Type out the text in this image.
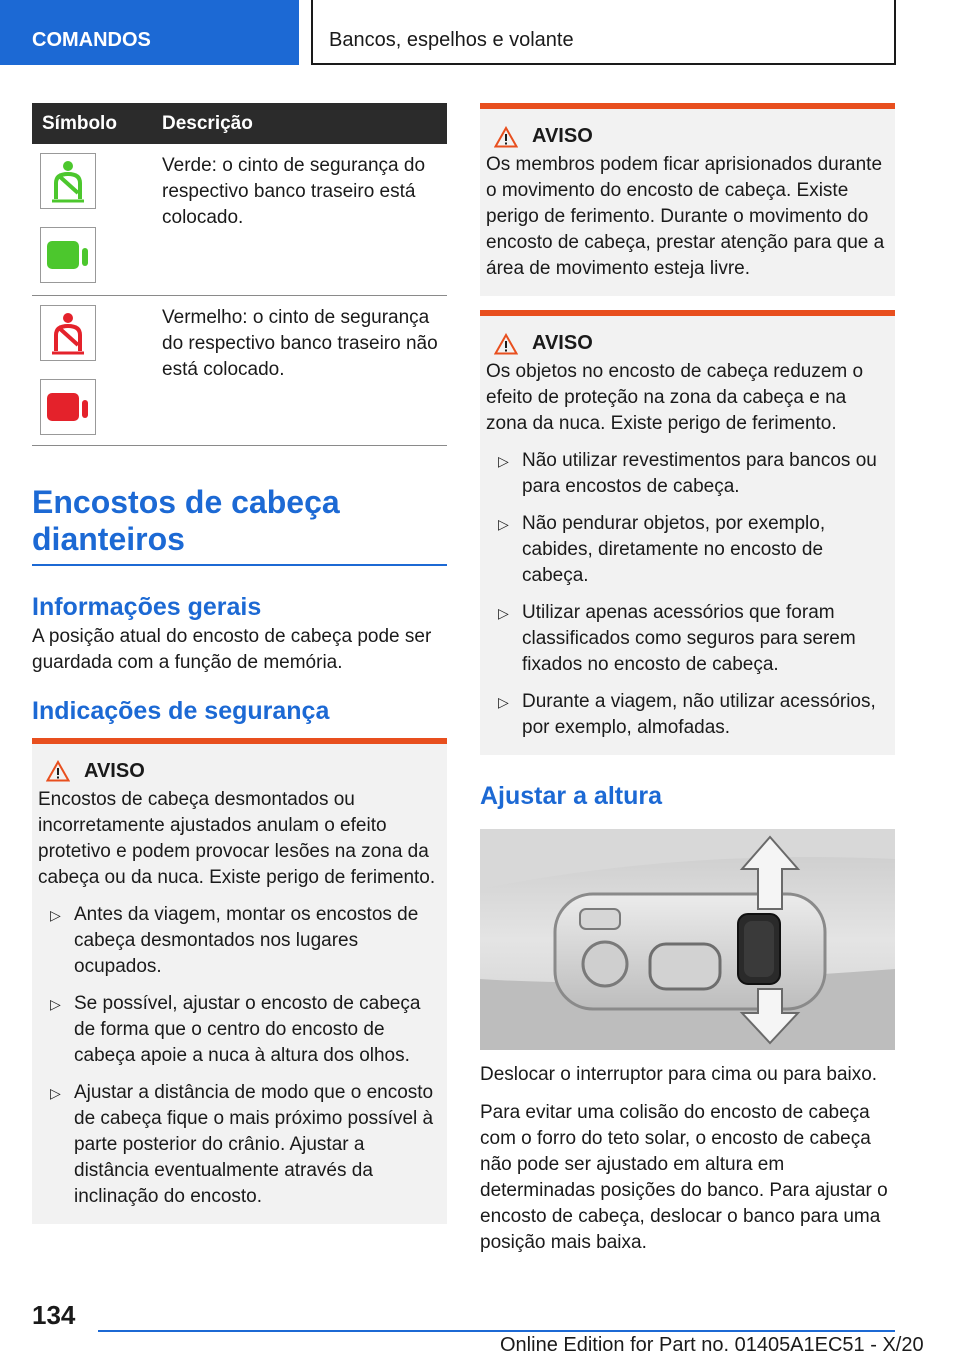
COMANDOS	Bancos, espelhos e volante
Símbolo	Descrição

	Verde: o cinto de segurança do respectivo banco traseiro está colocado.

	Vermelho: o cinto de segurança do respectivo banco traseiro não está colocado.
Encostos de cabeça dianteiros
Informações gerais
A posição atual do encosto de cabeça pode ser guardada com a função de memória.
Indicações de segurança
AVISO
Encostos de cabeça desmontados ou incorretamente ajustados anulam o efeito protetivo e podem provocar lesões na zona da cabeça ou da nuca. Existe perigo de ferimento.
▷ Antes da viagem, montar os encostos de cabeça desmontados nos lugares ocupados.
▷ Se possível, ajustar o encosto de cabeça de forma que o centro do encosto de cabeça apoie a nuca à altura dos olhos.
▷ Ajustar a distância de modo que o encosto de cabeça fique o mais próximo possível à parte posterior do crânio. Ajustar a distância eventualmente através da inclinação do encosto.
AVISO
Os membros podem ficar aprisionados durante o movimento do encosto de cabeça. Existe perigo de ferimento. Durante o movimento do encosto de cabeça, prestar atenção para que a área de movimento esteja livre.
AVISO
Os objetos no encosto de cabeça reduzem o efeito de proteção na zona da cabeça e na zona da nuca. Existe perigo de ferimento.
▷ Não utilizar revestimentos para bancos ou para encostos de cabeça.
▷ Não pendurar objetos, por exemplo, cabides, diretamente no encosto de cabeça.
▷ Utilizar apenas acessórios que foram classificados como seguros para serem fixados no encosto de cabeça.
▷ Durante a viagem, não utilizar acessórios, por exemplo, almofadas.
Ajustar a altura
Deslocar o interruptor para cima ou para baixo.
Para evitar uma colisão do encosto de cabeça com o forro do teto solar, o encosto de cabeça não pode ser ajustado em altura em determinadas posições do banco. Para ajustar o encosto de cabeça, deslocar o banco para uma posição mais baixa.
134
Online Edition for Part no. 01405A1EC51 - X/20
